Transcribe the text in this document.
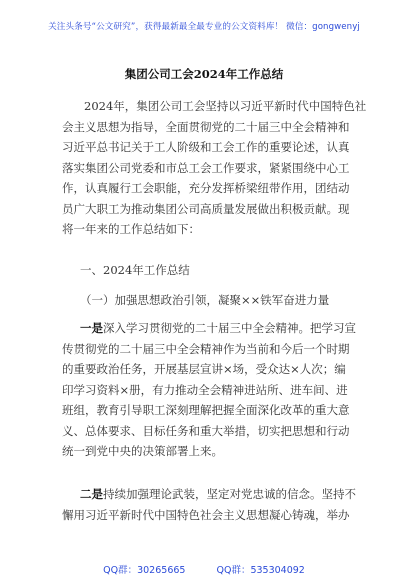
关注头条号“公文研究”，获得最新最全最专业的公文资料库！ 微信：gongwenyj
集团公司工会2024年工作总结
2024年，集团公司工会坚持以习近平新时代中国特色社
会主义思想为指导，全面贯彻党的二十届三中全会精神和
习近平总书记关于工人阶级和工会工作的重要论述，认真
落实集团公司党委和市总工会工作要求，紧紧围绕中心工
作，认真履行工会职能，充分发挥桥梁纽带作用，团结动
员广大职工为推动集团公司高质量发展做出积极贡献。现
将一年来的工作总结如下：
一、2024年工作总结
（一）加强思想政治引领，凝聚××铁军奋进力量
一是深入学习贯彻党的二十届三中全会精神。把学习宣
传贯彻党的二十届三中全会精神作为当前和今后一个时期
的重要政治任务，开展基层宣讲×场，受众达×人次；编
印学习资料×册，有力推动全会精神进站所、进车间、进
班组，教育引导职工深刻理解把握全面深化改革的重大意
义、总体要求、目标任务和重大举措，切实把思想和行动
统一到党中央的决策部署上来。
二是持续加强理论武装，坚定对党忠诚的信念。坚持不
懈用习近平新时代中国特色社会主义思想凝心铸魂，举办
QQ群：30265665	QQ群：535304092
